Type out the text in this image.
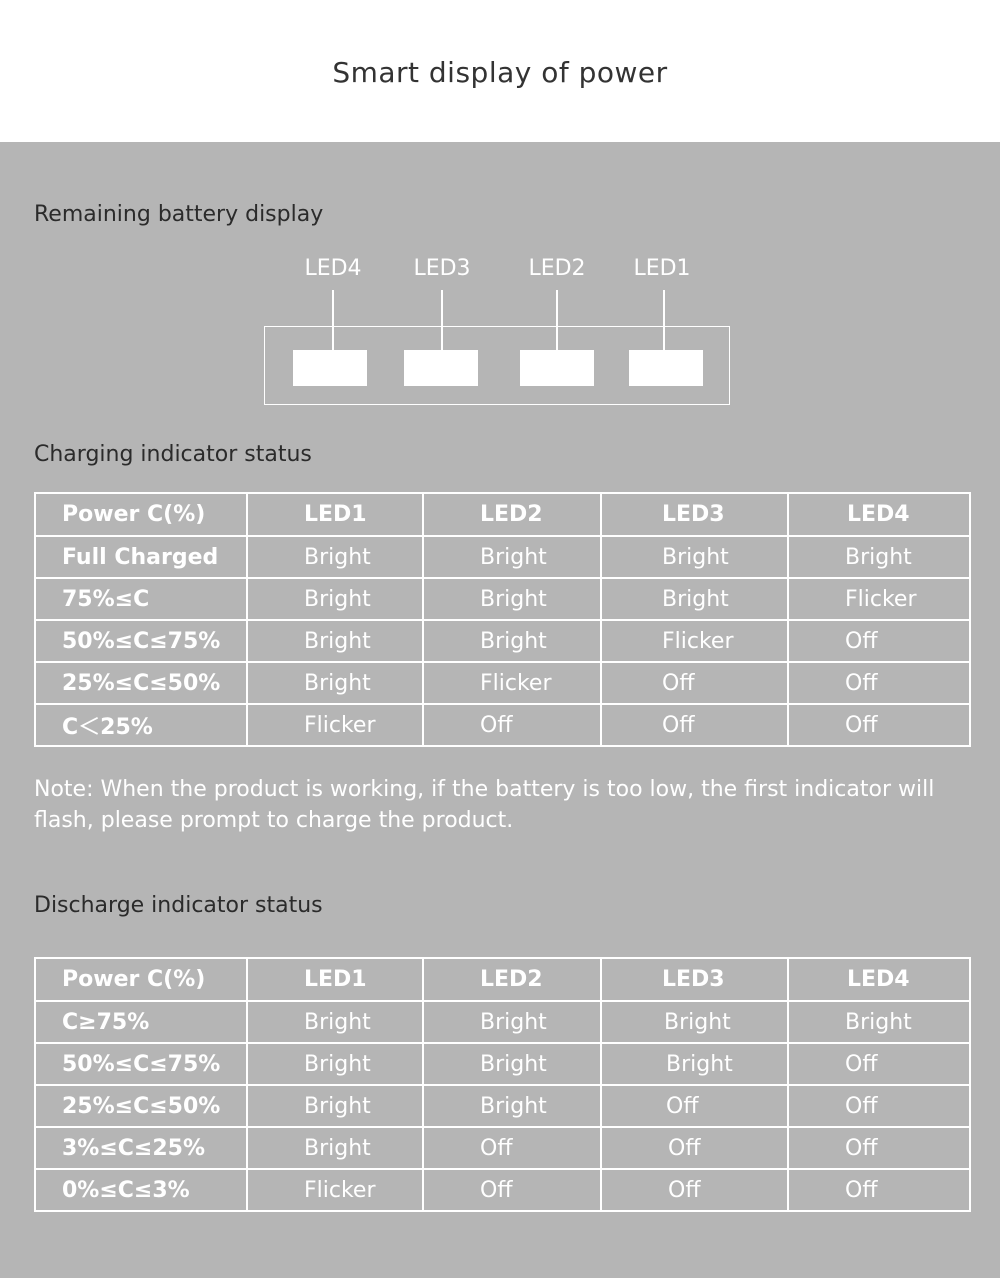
Smart display of power
Remaining battery display
LED4 LED3	LED2 LED1
Charging indicator status
Power C(%)	LED1	LED2	LED3	LED4
Full Charged	Bright	Bright	Bright	Bright
75%≤C	Bright	Bright	Bright	Flicker
50%≤C≤75%	Bright	Bright	Flicker	Off
25%≤C≤50%	Bright	Flicker	Off	Off
C＜25%	Flicker	Off	Off	Off
Note: When the product is working, if the battery is too low, the first indicator will flash, please prompt to charge the product.
Discharge indicator status
Power C(%)	LED1	LED2	LED3	LED4
C≥75%	Bright	Bright	Bright	Bright
50%≤C≤75%	Bright	Bright	Bright	Off
25%≤C≤50%	Bright	Bright	Off	Off
3%≤C≤25%	Bright	Off	Off	Off
0%≤C≤3%	Flicker	Off	Off	Off
